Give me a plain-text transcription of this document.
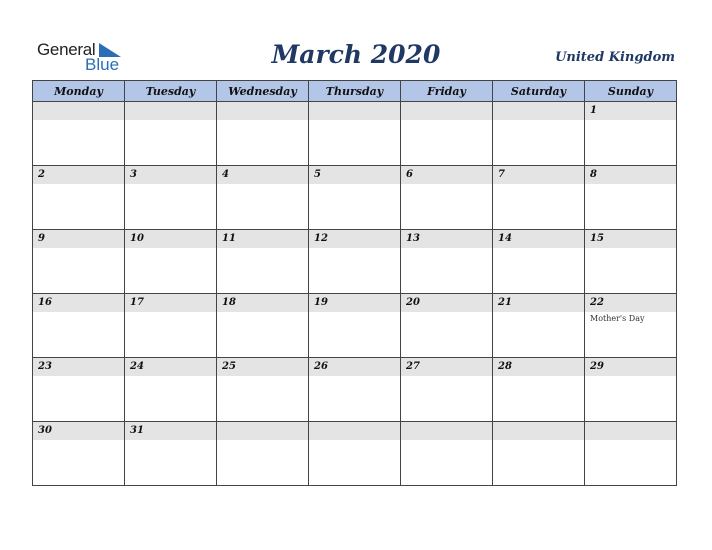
General
Blue	March 2020	United Kingdom
Monday	Tuesday	Wednesday	Thursday	Friday	Saturday	Sunday

						1

2	3	4	5	6	7	8

9	10	11	12	13	14	15

16	17	18	19	20	21	22
Mother's Day

23	24	25	26	27	28	29

30	31					
